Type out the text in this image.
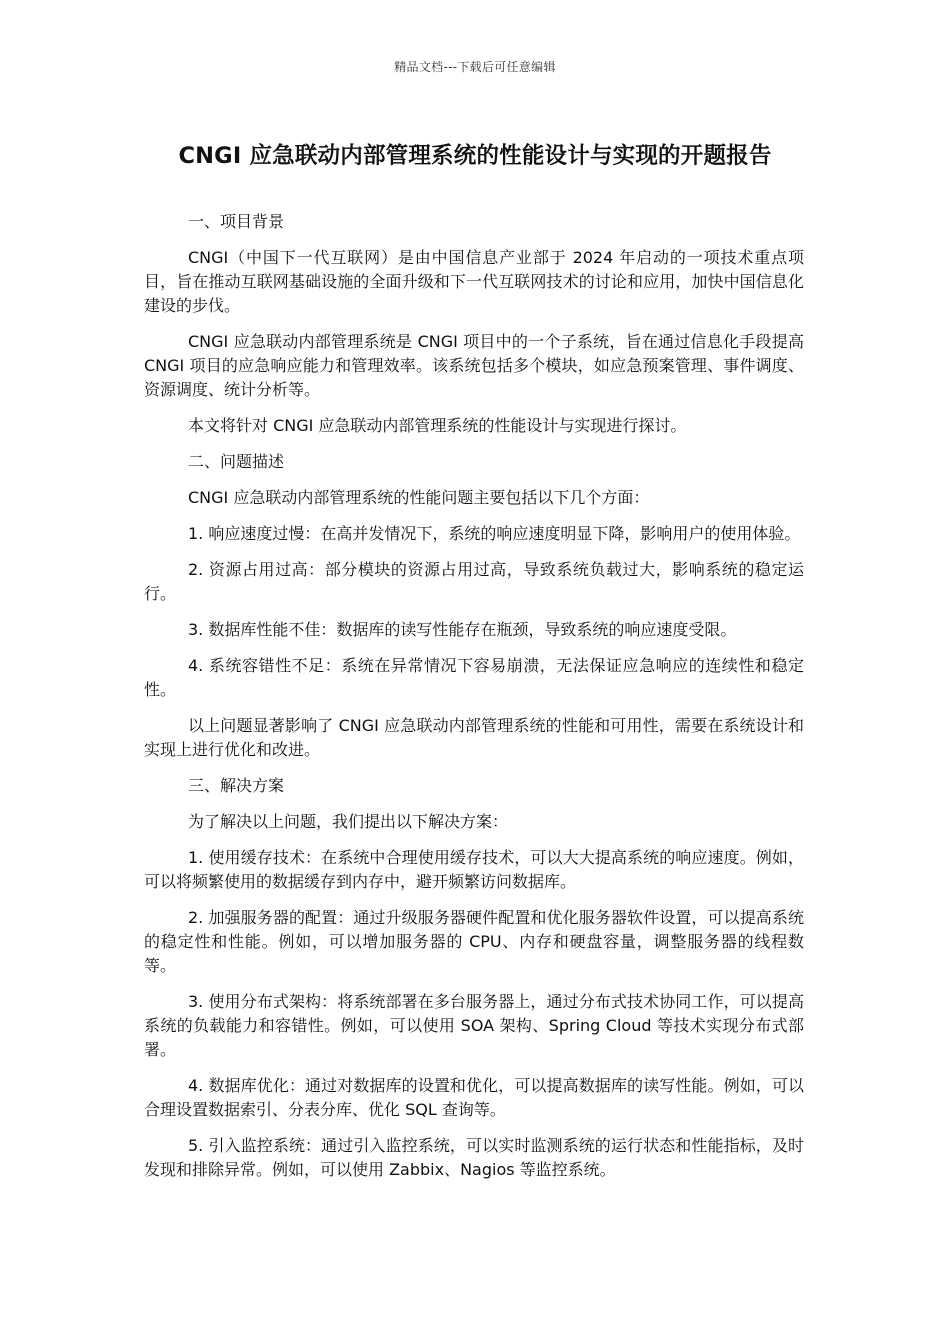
精品文档---下载后可任意编辑
CNGI 应急联动内部管理系统的性能设计与实现的开题报告

一、项目背景

CNGI（中国下一代互联网）是由中国信息产业部于 2024 年启动的一项技术重点项目，旨在推动互联网基础设施的全面升级和下一代互联网技术的讨论和应用，加快中国信息化建设的步伐。

CNGI 应急联动内部管理系统是 CNGI 项目中的一个子系统，旨在通过信息化手段提高 CNGI 项目的应急响应能力和管理效率。该系统包括多个模块，如应急预案管理、事件调度、资源调度、统计分析等。

本文将针对 CNGI 应急联动内部管理系统的性能设计与实现进行探讨。

二、问题描述

CNGI 应急联动内部管理系统的性能问题主要包括以下几个方面：

1. 响应速度过慢：在高并发情况下，系统的响应速度明显下降，影响用户的使用体验。

2. 资源占用过高：部分模块的资源占用过高，导致系统负载过大，影响系统的稳定运行。

3. 数据库性能不佳：数据库的读写性能存在瓶颈，导致系统的响应速度受限。

4. 系统容错性不足：系统在异常情况下容易崩溃，无法保证应急响应的连续性和稳定性。

以上问题显著影响了 CNGI 应急联动内部管理系统的性能和可用性，需要在系统设计和实现上进行优化和改进。

三、解决方案

为了解决以上问题，我们提出以下解决方案：

1. 使用缓存技术：在系统中合理使用缓存技术，可以大大提高系统的响应速度。例如，可以将频繁使用的数据缓存到内存中，避开频繁访问数据库。

2. 加强服务器的配置：通过升级服务器硬件配置和优化服务器软件设置，可以提高系统的稳定性和性能。例如，可以增加服务器的 CPU、内存和硬盘容量，调整服务器的线程数等。

3. 使用分布式架构：将系统部署在多台服务器上，通过分布式技术协同工作，可以提高系统的负载能力和容错性。例如，可以使用 SOA 架构、Spring Cloud 等技术实现分布式部署。

4. 数据库优化：通过对数据库的设置和优化，可以提高数据库的读写性能。例如，可以合理设置数据索引、分表分库、优化 SQL 查询等。

5. 引入监控系统：通过引入监控系统，可以实时监测系统的运行状态和性能指标，及时发现和排除异常。例如，可以使用 Zabbix、Nagios 等监控系统。
